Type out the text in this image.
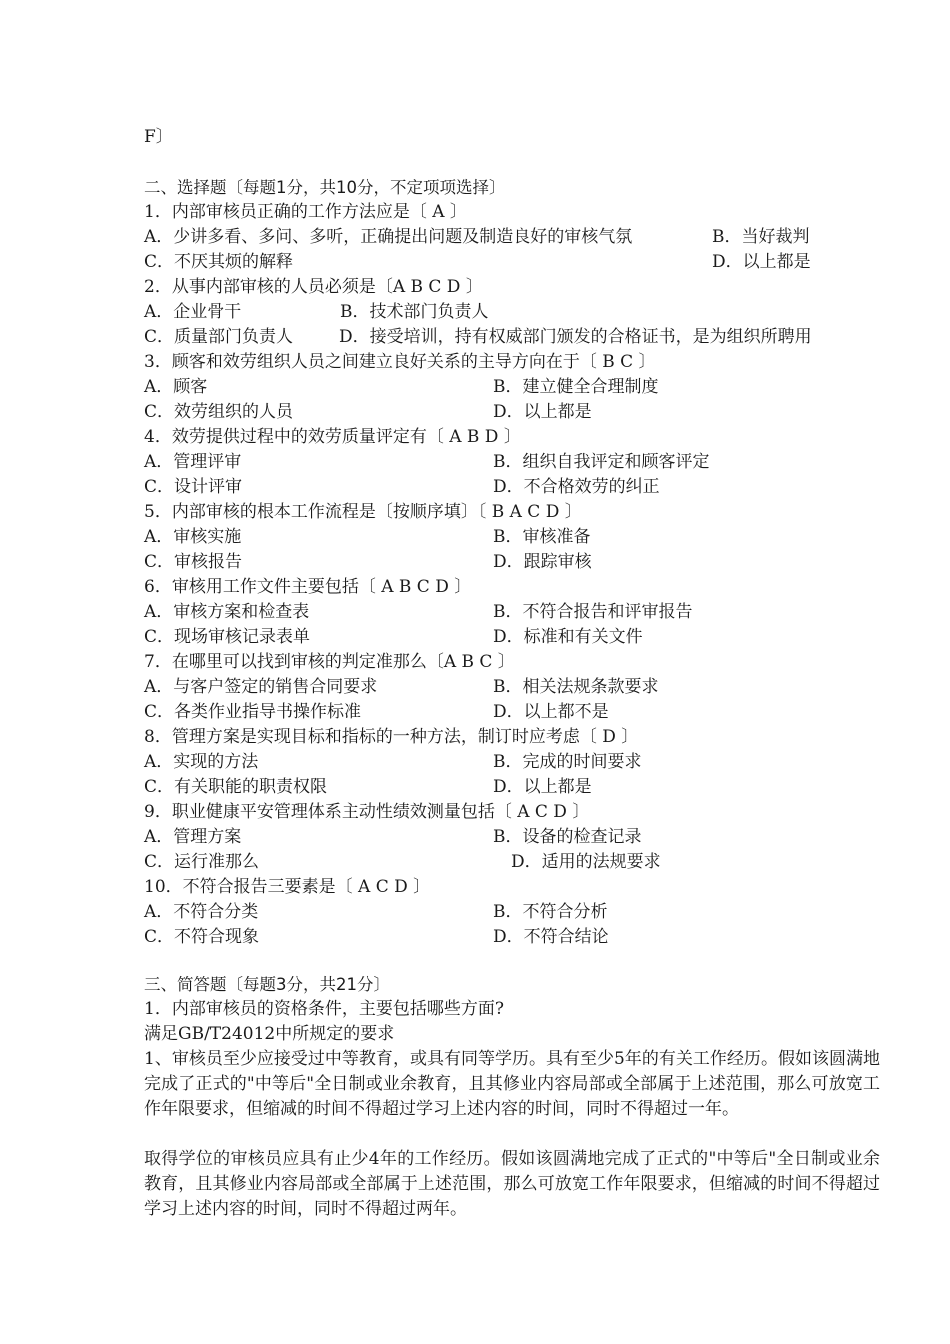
F〕
二、选择题〔每题1分，共10分，不定项项选择〕
1．内部审核员正确的工作方法应是〔 A 〕
A．少讲多看、多问、多听，正确提出问题及制造良好的审核气氛	B．当好裁判
C．不厌其烦的解释	D．以上都是
2．从事内部审核的人员必须是〔A B C D 〕
A．企业骨干	B．技术部门负责人
C．质量部门负责人	D．接受培训，持有权威部门颁发的合格证书，是为组织所聘用
3．顾客和效劳组织人员之间建立良好关系的主导方向在于〔 B C 〕
A．顾客	B．建立健全合理制度
C．效劳组织的人员	D．以上都是
4．效劳提供过程中的效劳质量评定有〔 A B D 〕
A．管理评审	B．组织自我评定和顾客评定
C．设计评审	D．不合格效劳的纠正
5．内部审核的根本工作流程是〔按顺序填〕〔 B A C D 〕
A．审核实施	B．审核准备
C．审核报告	D．跟踪审核
6．审核用工作文件主要包括〔 A B C D 〕
A．审核方案和检查表	B．不符合报告和评审报告
C．现场审核记录表单	D．标准和有关文件
7．在哪里可以找到审核的判定准那么〔A B C 〕
A．与客户签定的销售合同要求	B．相关法规条款要求
C．各类作业指导书操作标准	D．以上都不是
8．管理方案是实现目标和指标的一种方法，制订时应考虑〔 D 〕
A．实现的方法	B．完成的时间要求
C．有关职能的职责权限	D．以上都是
9．职业健康平安管理体系主动性绩效测量包括〔 A C D 〕
A．管理方案	B．设备的检查记录
C．运行准那么	D．适用的法规要求
10．不符合报告三要素是〔 A C D 〕
A．不符合分类	B．不符合分析
C．不符合现象	D．不符合结论
三、简答题〔每题3分，共21分〕
1．内部审核员的资格条件，主要包括哪些方面?
满足GB/T24012中所规定的要求
1、审核员至少应接受过中等教育，或具有同等学历。具有至少5年的有关工作经历。假如该圆满地完成了正式的"中等后"全日制或业余教育，且其修业内容局部或全部属于上述范围，那么可放宽工作年限要求，但缩减的时间不得超过学习上述内容的时间，同时不得超过一年。
取得学位的审核员应具有止少4年的工作经历。假如该圆满地完成了正式的"中等后"全日制或业余教育，且其修业内容局部或全部属于上述范围，那么可放宽工作年限要求，但缩减的时间不得超过学习上述内容的时间，同时不得超过两年。
